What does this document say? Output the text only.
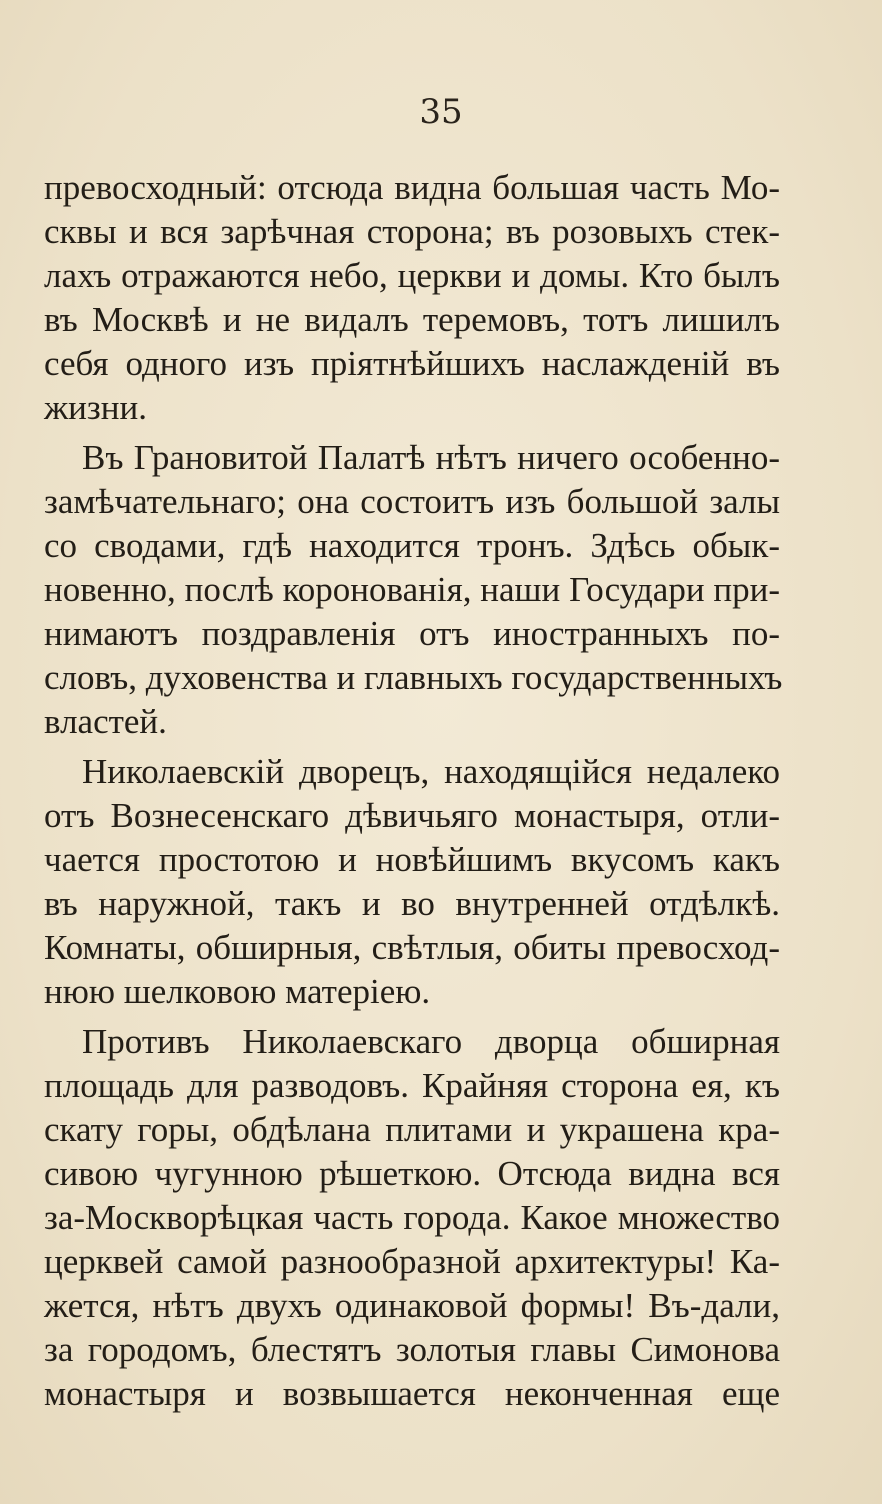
35
превосходный: отсюда видна большая часть Мо-
сквы и вся зарѣчная сторона; въ розовыхъ стек-
лахъ отражаются небо, церкви и домы. Кто былъ
въ Москвѣ и не видалъ теремовъ, тотъ лишилъ
себя одного изъ пріятнѣйшихъ наслажденій въ
жизни.
Въ Грановитой Палатѣ нѣтъ ничего особенно-
замѣчательнаго; она состоитъ изъ большой залы
со сводами, гдѣ находится тронъ. Здѣсь обык-
новенно, послѣ коронованія, наши Государи при-
нимаютъ поздравленія отъ иностранныхъ по-
словъ, духовенства и главныхъ государственныхъ
властей.
Николаевскій дворецъ, находящійся недалеко
отъ Вознесенскаго дѣвичьяго монастыря, отли-
чается простотою и новѣйшимъ вкусомъ какъ
въ наружной, такъ и во внутренней отдѣлкѣ.
Комнаты, обширныя, свѣтлыя, обиты превосход-
нюю шелковою матеріею.
Противъ Николаевскаго дворца обширная
площадь для разводовъ. Крайняя сторона ея, къ
скату горы, обдѣлана плитами и украшена кра-
сивою чугунною рѣшеткою. Отсюда видна вся
за-Москворѣцкая часть города. Какое множество
церквей самой разнообразной архитектуры! Ка-
жется, нѣтъ двухъ одинаковой формы! Въ-дали,
за городомъ, блестятъ золотыя главы Симонова
монастыря и возвышается неконченная еще
